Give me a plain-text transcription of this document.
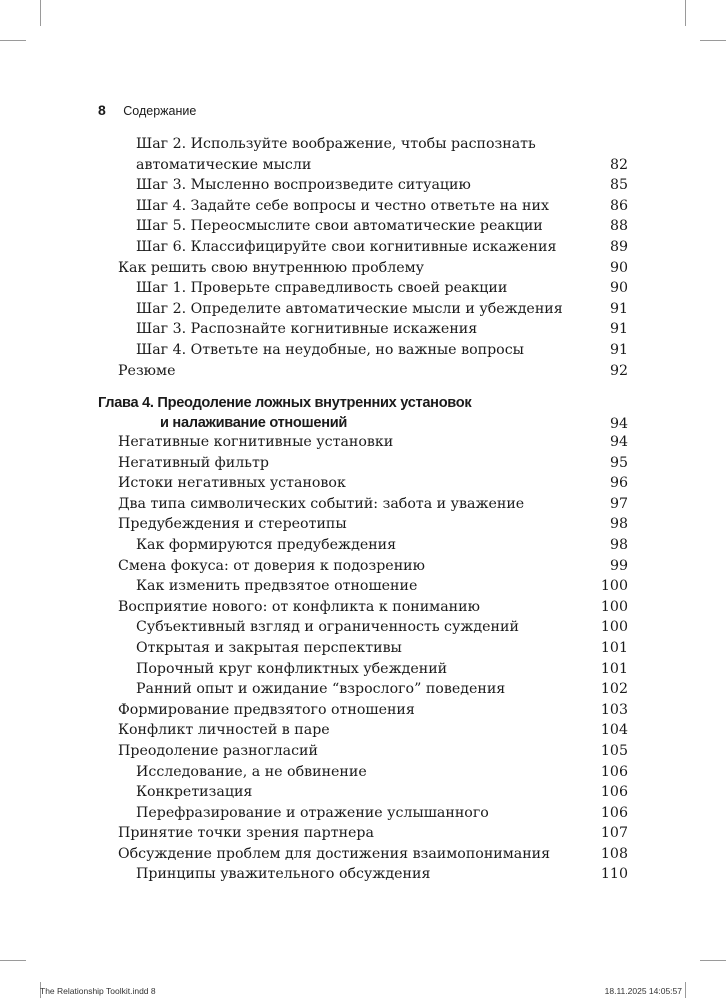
8 Содержание
Шаг 2. Используйте воображение, чтобы распознать автоматические мысли	82
Шаг 3. Мысленно воспроизведите ситуацию	85
Шаг 4. Задайте себе вопросы и честно ответьте на них	86
Шаг 5. Переосмыслите свои автоматические реакции	88
Шаг 6. Классифицируйте свои когнитивные искажения	89
Как решить свою внутреннюю проблему	90
Шаг 1. Проверьте справедливость своей реакции	90
Шаг 2. Определите автоматические мысли и убеждения	91
Шаг 3. Распознайте когнитивные искажения	91
Шаг 4. Ответьте на неудобные, но важные вопросы	91
Резюме	92
Глава 4. Преодоление ложных внутренних установок
и налаживание отношений	94
Негативные когнитивные установки	94
Негативный фильтр	95
Истоки негативных установок	96
Два типа символических событий: забота и уважение	97
Предубеждения и стереотипы	98
Как формируются предубеждения	98
Смена фокуса: от доверия к подозрению	99
Как изменить предвзятое отношение	100
Восприятие нового: от конфликта к пониманию	100
Субъективный взгляд и ограниченность суждений	100
Открытая и закрытая перспективы	101
Порочный круг конфликтных убеждений	101
Ранний опыт и ожидание “взрослого” поведения	102
Формирование предвзятого отношения	103
Конфликт личностей в паре	104
Преодоление разногласий	105
Исследование, а не обвинение	106
Конкретизация	106
Перефразирование и отражение услышанного	106
Принятие точки зрения партнера	107
Обсуждение проблем для достижения взаимопонимания	108
Принципы уважительного обсуждения	110
The Relationship Toolkit.indd 8	18.11.2025 14:05:57
